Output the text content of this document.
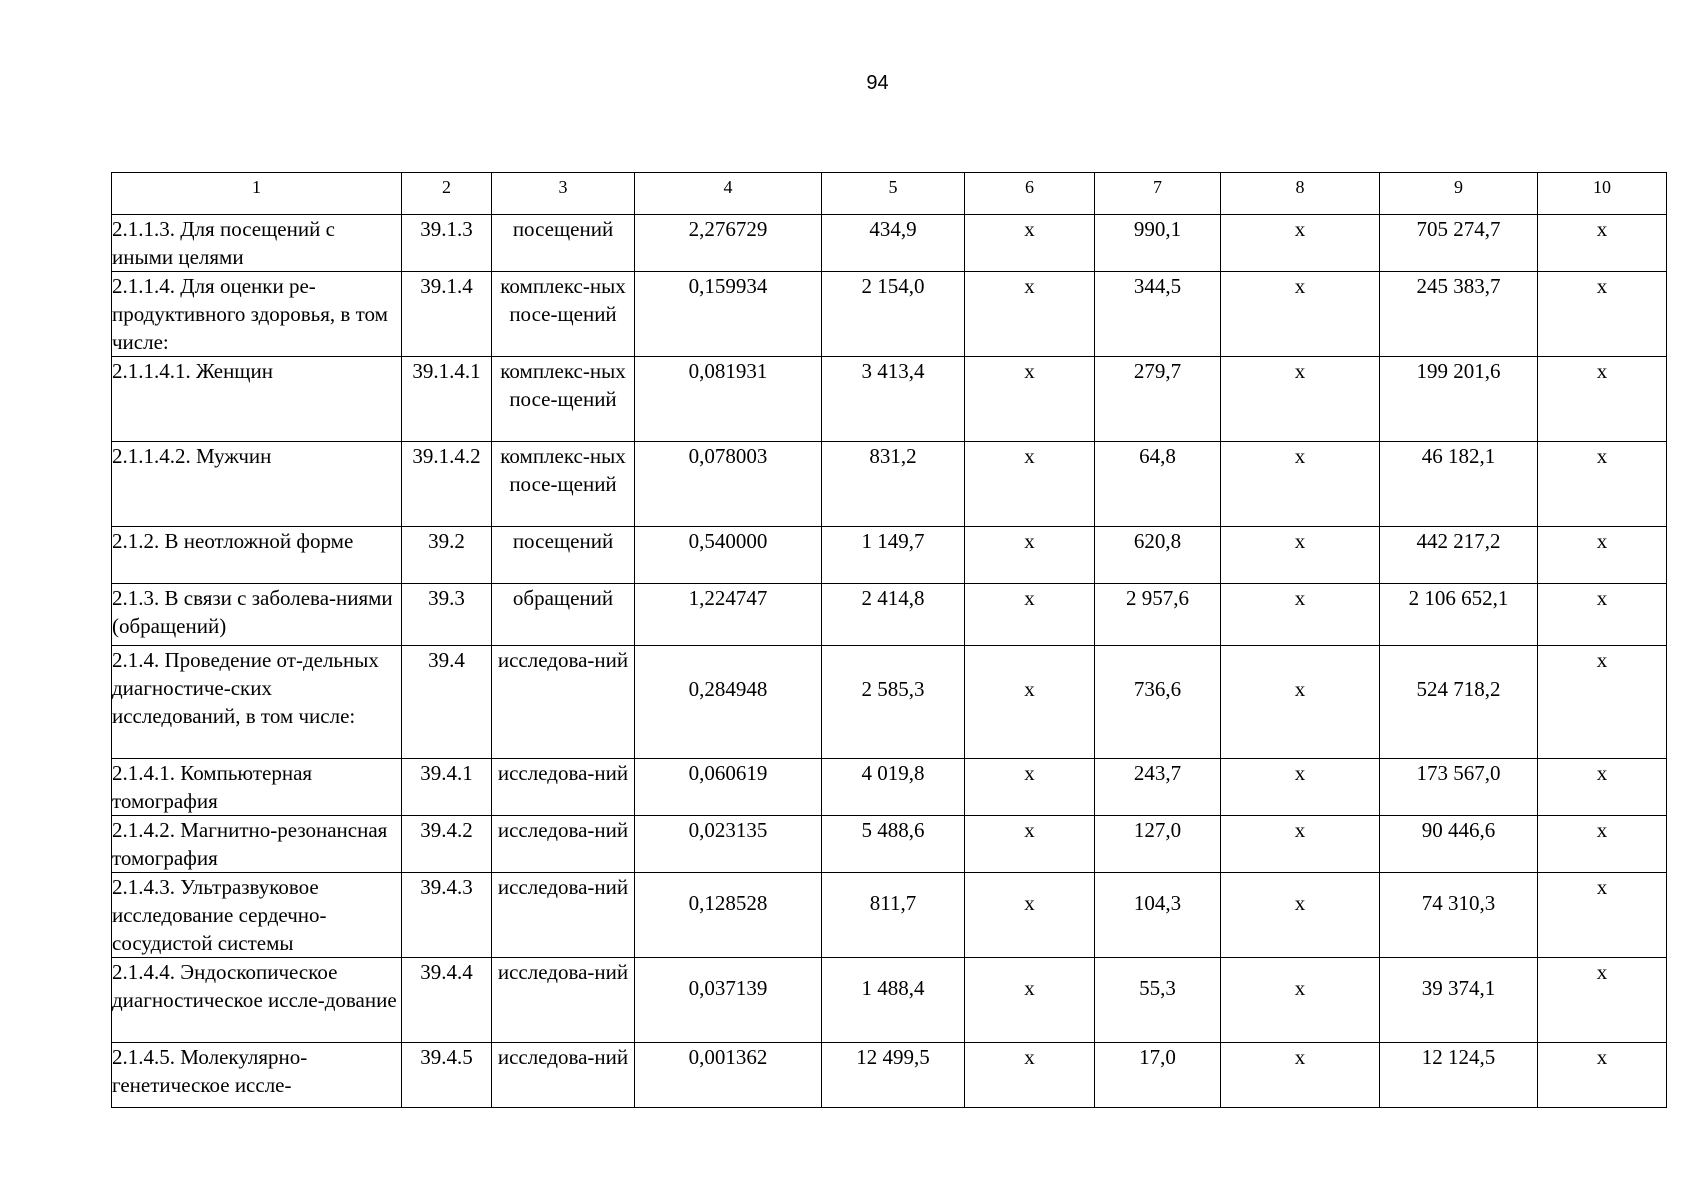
94
1	2	3	4	5	6	7	8	9	10
2.1.1.3. Для посещений с иными целями	39.1.3	посещений	2,276729	434,9	х	990,1	х	705 274,7	х
2.1.1.4. Для оценки ре-продуктивного здоровья, в том числе:	39.1.4	комплекс-ных посе-щений	0,159934	2 154,0	х	344,5	х	245 383,7	х
2.1.1.4.1. Женщин	39.1.4.1	комплекс-ных посе-щений	0,081931	3 413,4	х	279,7	х	199 201,6	х
2.1.1.4.2. Мужчин	39.1.4.2	комплекс-ных посе-щений	0,078003	831,2	х	64,8	х	46 182,1	х
2.1.2. В неотложной форме	39.2	посещений	0,540000	1 149,7	х	620,8	х	442 217,2	х
2.1.3. В связи с заболева-ниями (обращений)	39.3	обращений	1,224747	2 414,8	х	2 957,6	х	2 106 652,1	х
2.1.4. Проведение от-дельных диагностиче-ских исследований, в том числе:	39.4	исследова-ний	0,284948	2 585,3	х	736,6	х	524 718,2	х
2.1.4.1. Компьютерная томография	39.4.1	исследова-ний	0,060619	4 019,8	х	243,7	х	173 567,0	х
2.1.4.2. Магнитно-резонансная томография	39.4.2	исследова-ний	0,023135	5 488,6	х	127,0	х	90 446,6	х
2.1.4.3. Ультразвуковое исследование сердечно-сосудистой системы	39.4.3	исследова-ний	0,128528	811,7	х	104,3	х	74 310,3	х
2.1.4.4. Эндоскопическое диагностическое иссле-дование	39.4.4	исследова-ний	0,037139	1 488,4	х	55,3	х	39 374,1	х
2.1.4.5. Молекулярно-генетическое иссле-	39.4.5	исследова-ний	0,001362	12 499,5	х	17,0	х	12 124,5	х
